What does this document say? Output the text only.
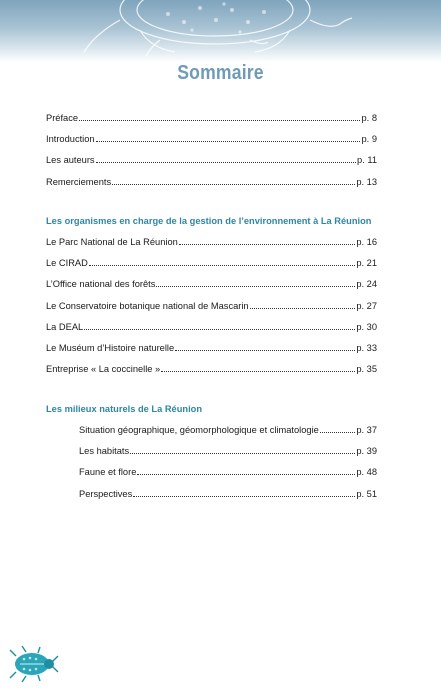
Sommaire
Préface	p. 8
Introduction	p. 9
Les auteurs	p. 11
Remerciements	p. 13
Les organismes en charge de la gestion de l’environnement à La Réunion
Le Parc National de La Réunion	p. 16
Le CIRAD	p. 21
L’Office national des forêts	p. 24
Le Conservatoire botanique national de Mascarin	p. 27
La DEAL	p. 30
Le Muséum d’Histoire naturelle	p. 33
Entreprise « La coccinelle »	p. 35
Les milieux naturels de La Réunion
Situation géographique, géomorphologique et climatologie	p. 37
Les habitats	p. 39
Faune et flore	p. 48
Perspectives	p. 51
